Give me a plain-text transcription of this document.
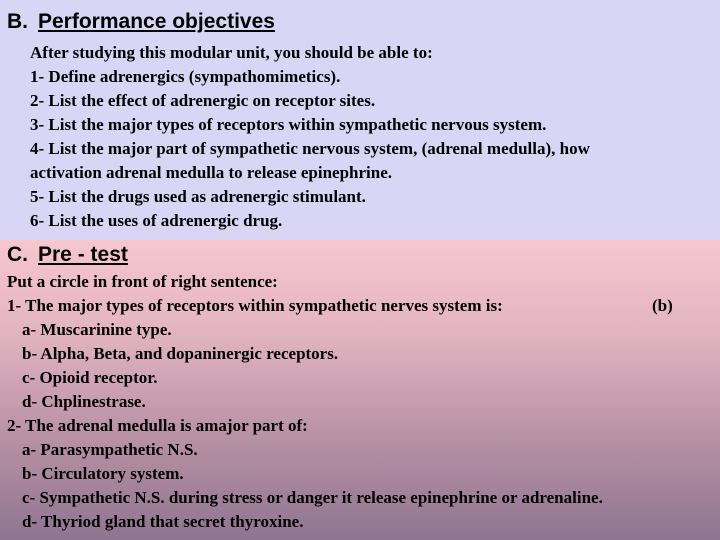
B. Performance objectives
After studying this modular unit, you should be able to:
1- Define adrenergics (sympathomimetics).
2- List the effect of adrenergic on receptor sites.
3- List the major types of receptors within sympathetic nervous system.
4- List the major part of sympathetic nervous system, (adrenal medulla), how
activation adrenal medulla to release epinephrine.
5- List the drugs used as adrenergic stimulant.
6- List the uses of adrenergic drug.
C. Pre - test
Put a circle in front of right sentence:
1- The major types of receptors within sympathetic nerves system is:	(b)
a- Muscarinine type.
b- Alpha, Beta, and dopaninergic receptors.
c- Opioid receptor.
d- Chplinestrase.
2- The adrenal medulla is amajor part of:
a- Parasympathetic N.S.
b- Circulatory system.
c- Sympathetic N.S. during stress or danger it release epinephrine or adrenaline.
d- Thyriod gland that secret thyroxine.
